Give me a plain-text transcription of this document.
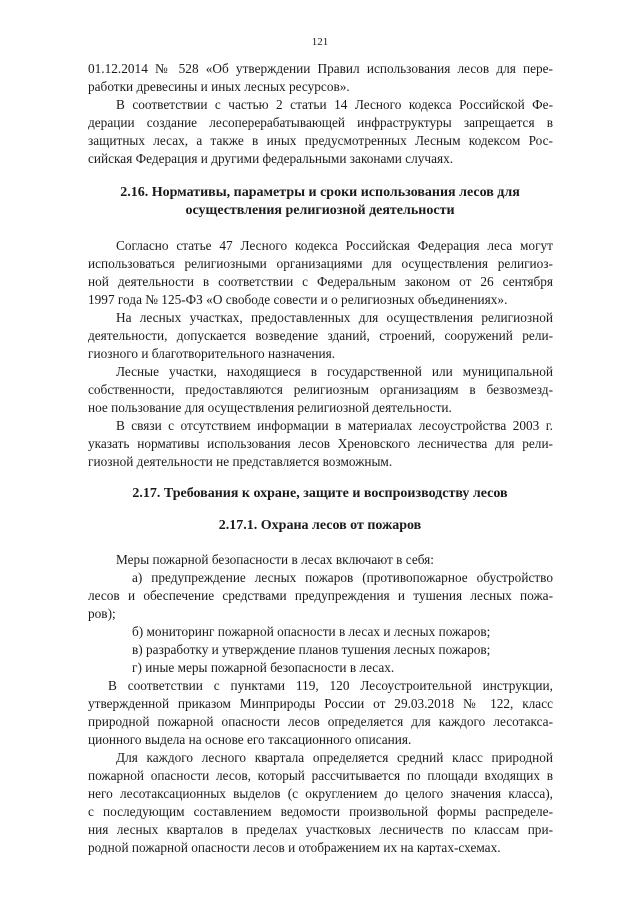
121
01.12.2014 № 528 «Об утверждении Правил использования лесов для пере-
работки древесины и иных лесных ресурсов».
В соответствии с частью 2 статьи 14 Лесного кодекса Российской Фе-
дерации создание лесоперерабатывающей инфраструктуры запрещается в
защитных лесах, а также в иных предусмотренных Лесным кодексом Рос-
сийская Федерация и другими федеральными законами случаях.
2.16. Нормативы, параметры и сроки использования лесов для
осуществления религиозной деятельности
Согласно статье 47 Лесного кодекса Российская Федерация леса могут
использоваться религиозными организациями для осуществления религиоз-
ной деятельности в соответствии с Федеральным законом от 26 сентября
1997 года № 125-ФЗ «О свободе совести и о религиозных объединениях».
На лесных участках, предоставленных для осуществления религиозной
деятельности, допускается возведение зданий, строений, сооружений рели-
гиозного и благотворительного назначения.
Лесные участки, находящиеся в государственной или муниципальной
собственности, предоставляются религиозным организациям в безвозмезд-
ное пользование для осуществления религиозной деятельности.
В связи с отсутствием информации в материалах лесоустройства 2003 г.
указать нормативы использования лесов Хреновского лесничества для рели-
гиозной деятельности не представляется возможным.
2.17. Требования к охране, защите и воспроизводству лесов
2.17.1. Охрана лесов от пожаров
Меры пожарной безопасности в лесах включают в себя:
а) предупреждение лесных пожаров (противопожарное обустройство
лесов и обеспечение средствами предупреждения и тушения лесных пожа-
ров);
б) мониторинг пожарной опасности в лесах и лесных пожаров;
в) разработку и утверждение планов тушения лесных пожаров;
г) иные меры пожарной безопасности в лесах.
В соответствии с пунктами 119, 120 Лесоустроительной инструкции,
утвержденной приказом Минприроды России от 29.03.2018 № 122, класс
природной пожарной опасности лесов определяется для каждого лесотакса-
ционного выдела на основе его таксационного описания.
Для каждого лесного квартала определяется средний класс природной
пожарной опасности лесов, который рассчитывается по площади входящих в
него лесотаксационных выделов (с округлением до целого значения класса),
с последующим составлением ведомости произвольной формы распределе-
ния лесных кварталов в пределах участковых лесничеств по классам при-
родной пожарной опасности лесов и отображением их на картах-схемах.
